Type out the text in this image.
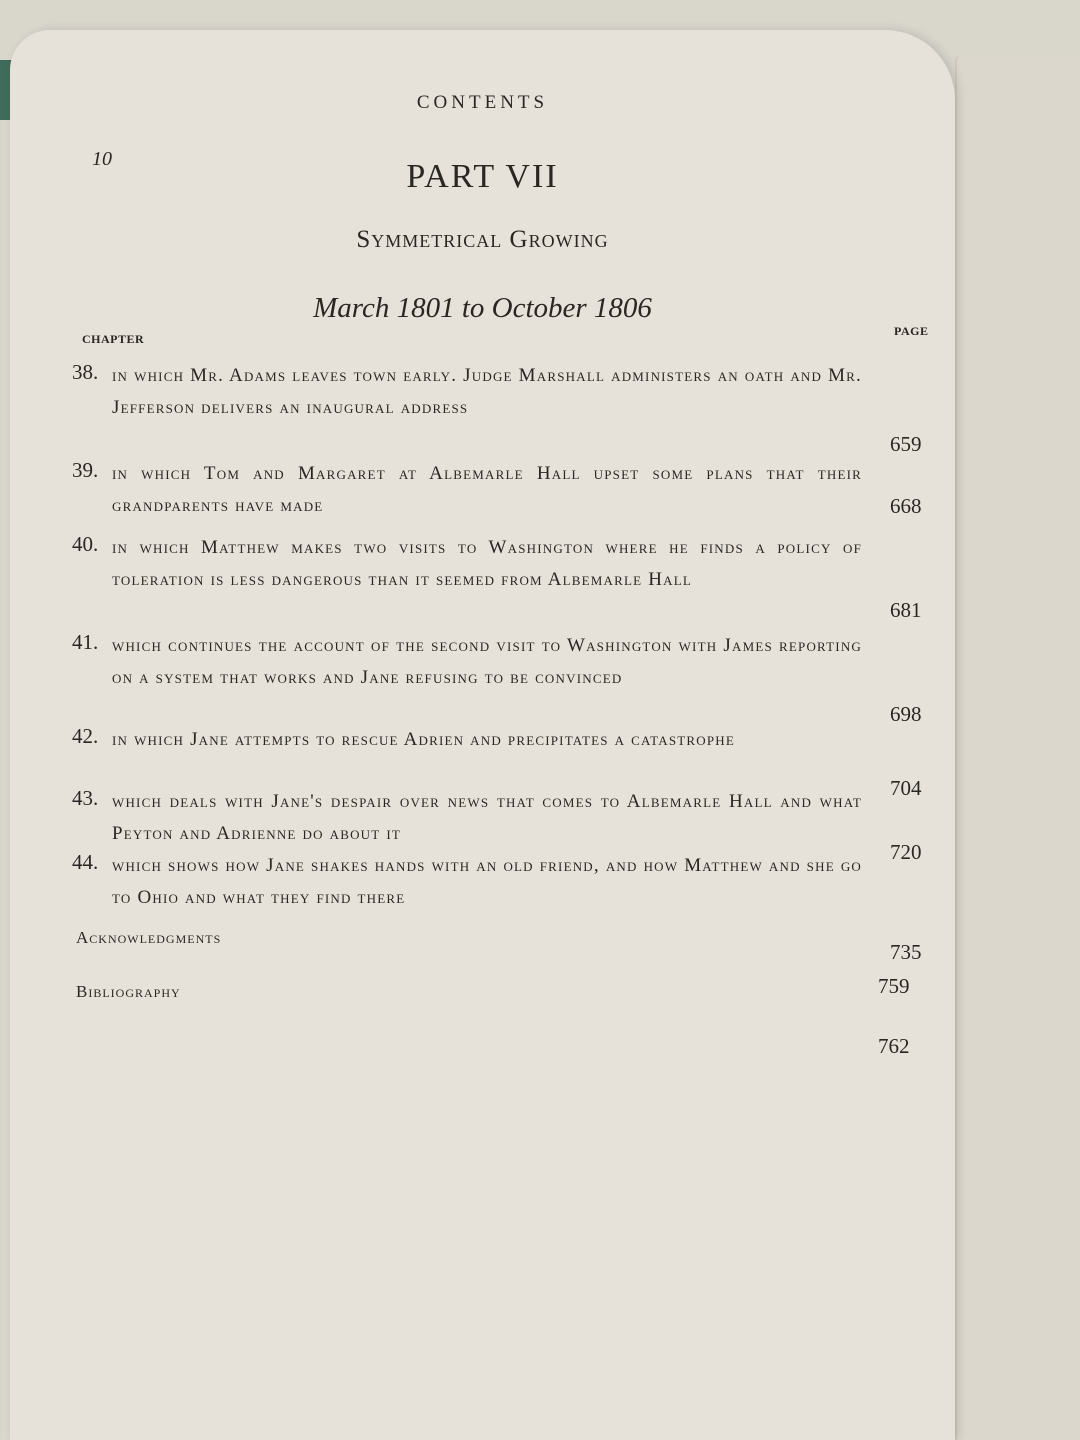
CONTENTS
10	PART VII
Symmetrical Growing
March 1801 to October 1806
CHAPTER
PAGE
38. in which Mr. Adams leaves town early. Judge Marshall administers an oath and Mr. Jefferson delivers an inaugural address
659
39. in which Tom and Margaret at Albemarle Hall upset some plans that their grandparents have made	668
40. in which Matthew makes two visits to Washington where he finds a policy of toleration is less dangerous than it seemed from Albemarle Hall
681
41. which continues the account of the second visit to Washington with James reporting on a system that works and Jane refusing to be convinced
698
42. in which Jane attempts to rescue Adrien and precipitates a catastrophe
704
43. which deals with Jane's despair over news that comes to Albemarle Hall and what Peyton and Adrienne do about it
720
44. which shows how Jane shakes hands with an old friend, and how Matthew and she go to Ohio and what they find there
735
Acknowledgments
759
Bibliography
762
